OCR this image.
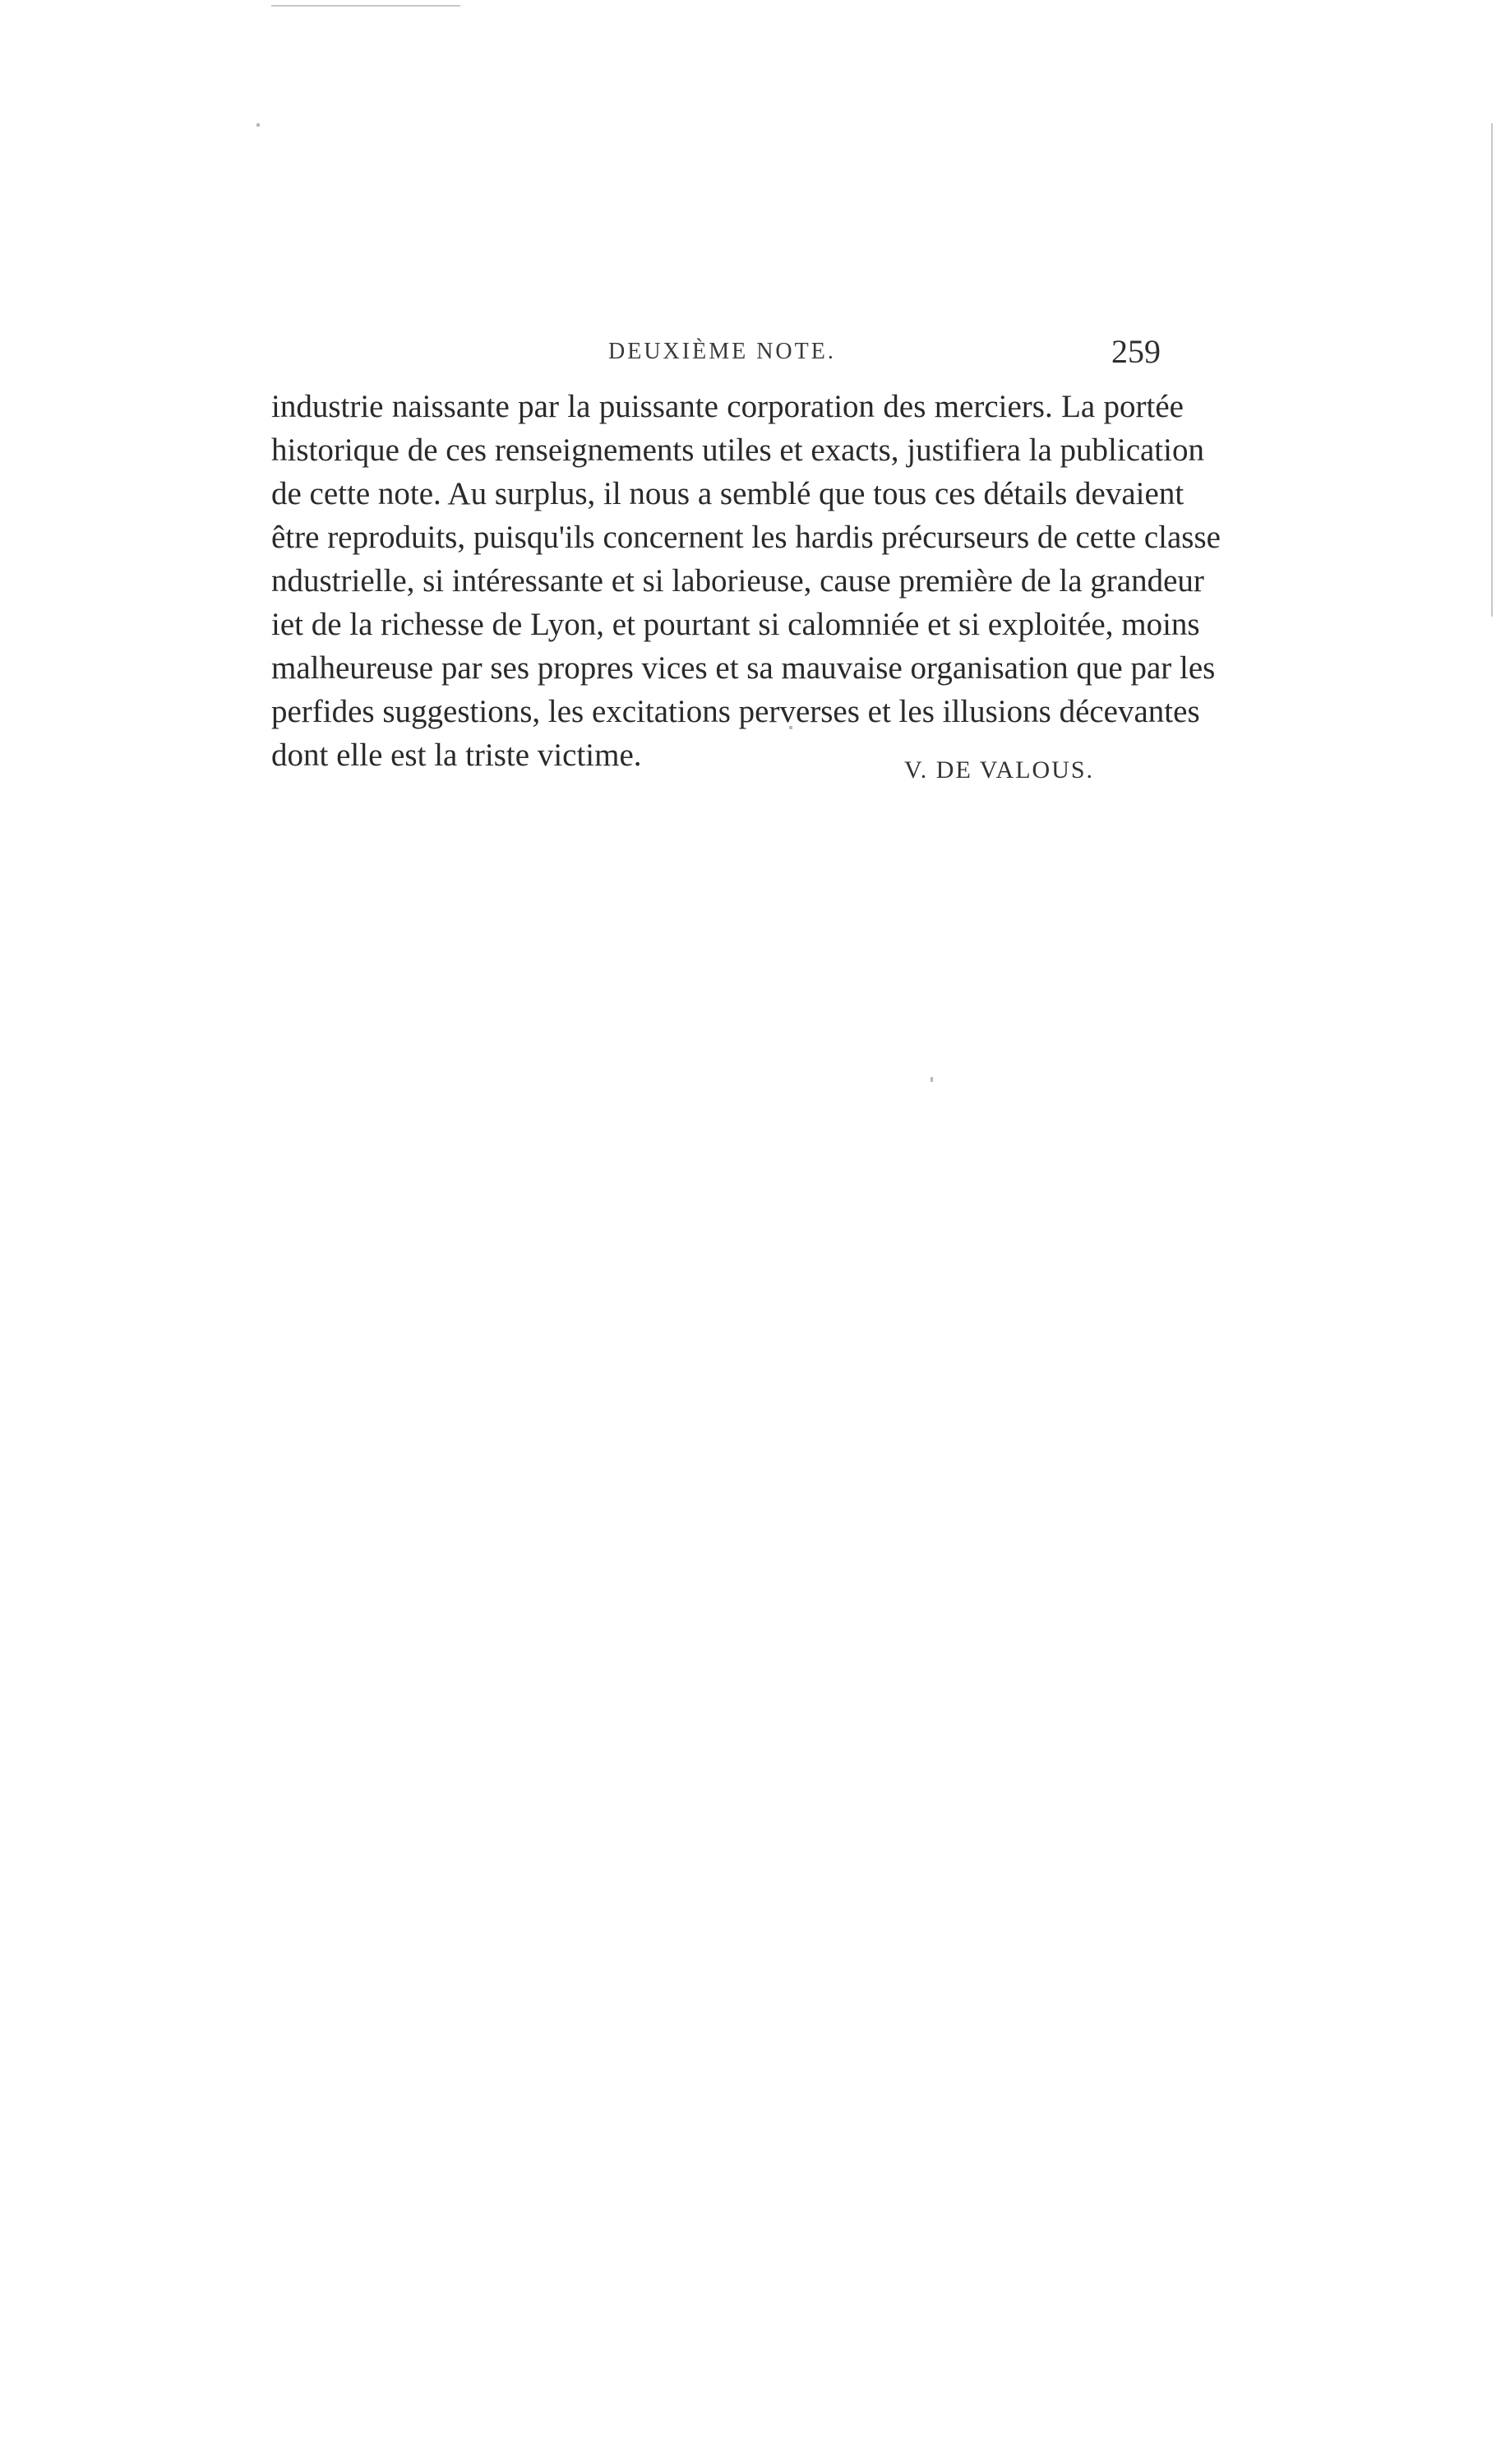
DEUXIÈME NOTE.	259
industrie naissante par la puissante corporation des merciers. La portée
historique de ces renseignements utiles et exacts, justifiera la publication
de cette note. Au surplus, il nous a semblé que tous ces détails devaient
être reproduits, puisqu'ils concernent les hardis précurseurs de cette classe
ndustrielle, si intéressante et si laborieuse, cause première de la grandeur
iet de la richesse de Lyon, et pourtant si calomniée et si exploitée, moins
malheureuse par ses propres vices et sa mauvaise organisation que par les
perfides suggestions, les excitations perverses et les illusions décevantes
dont elle est la triste victime.	V. DE VALOUS.
